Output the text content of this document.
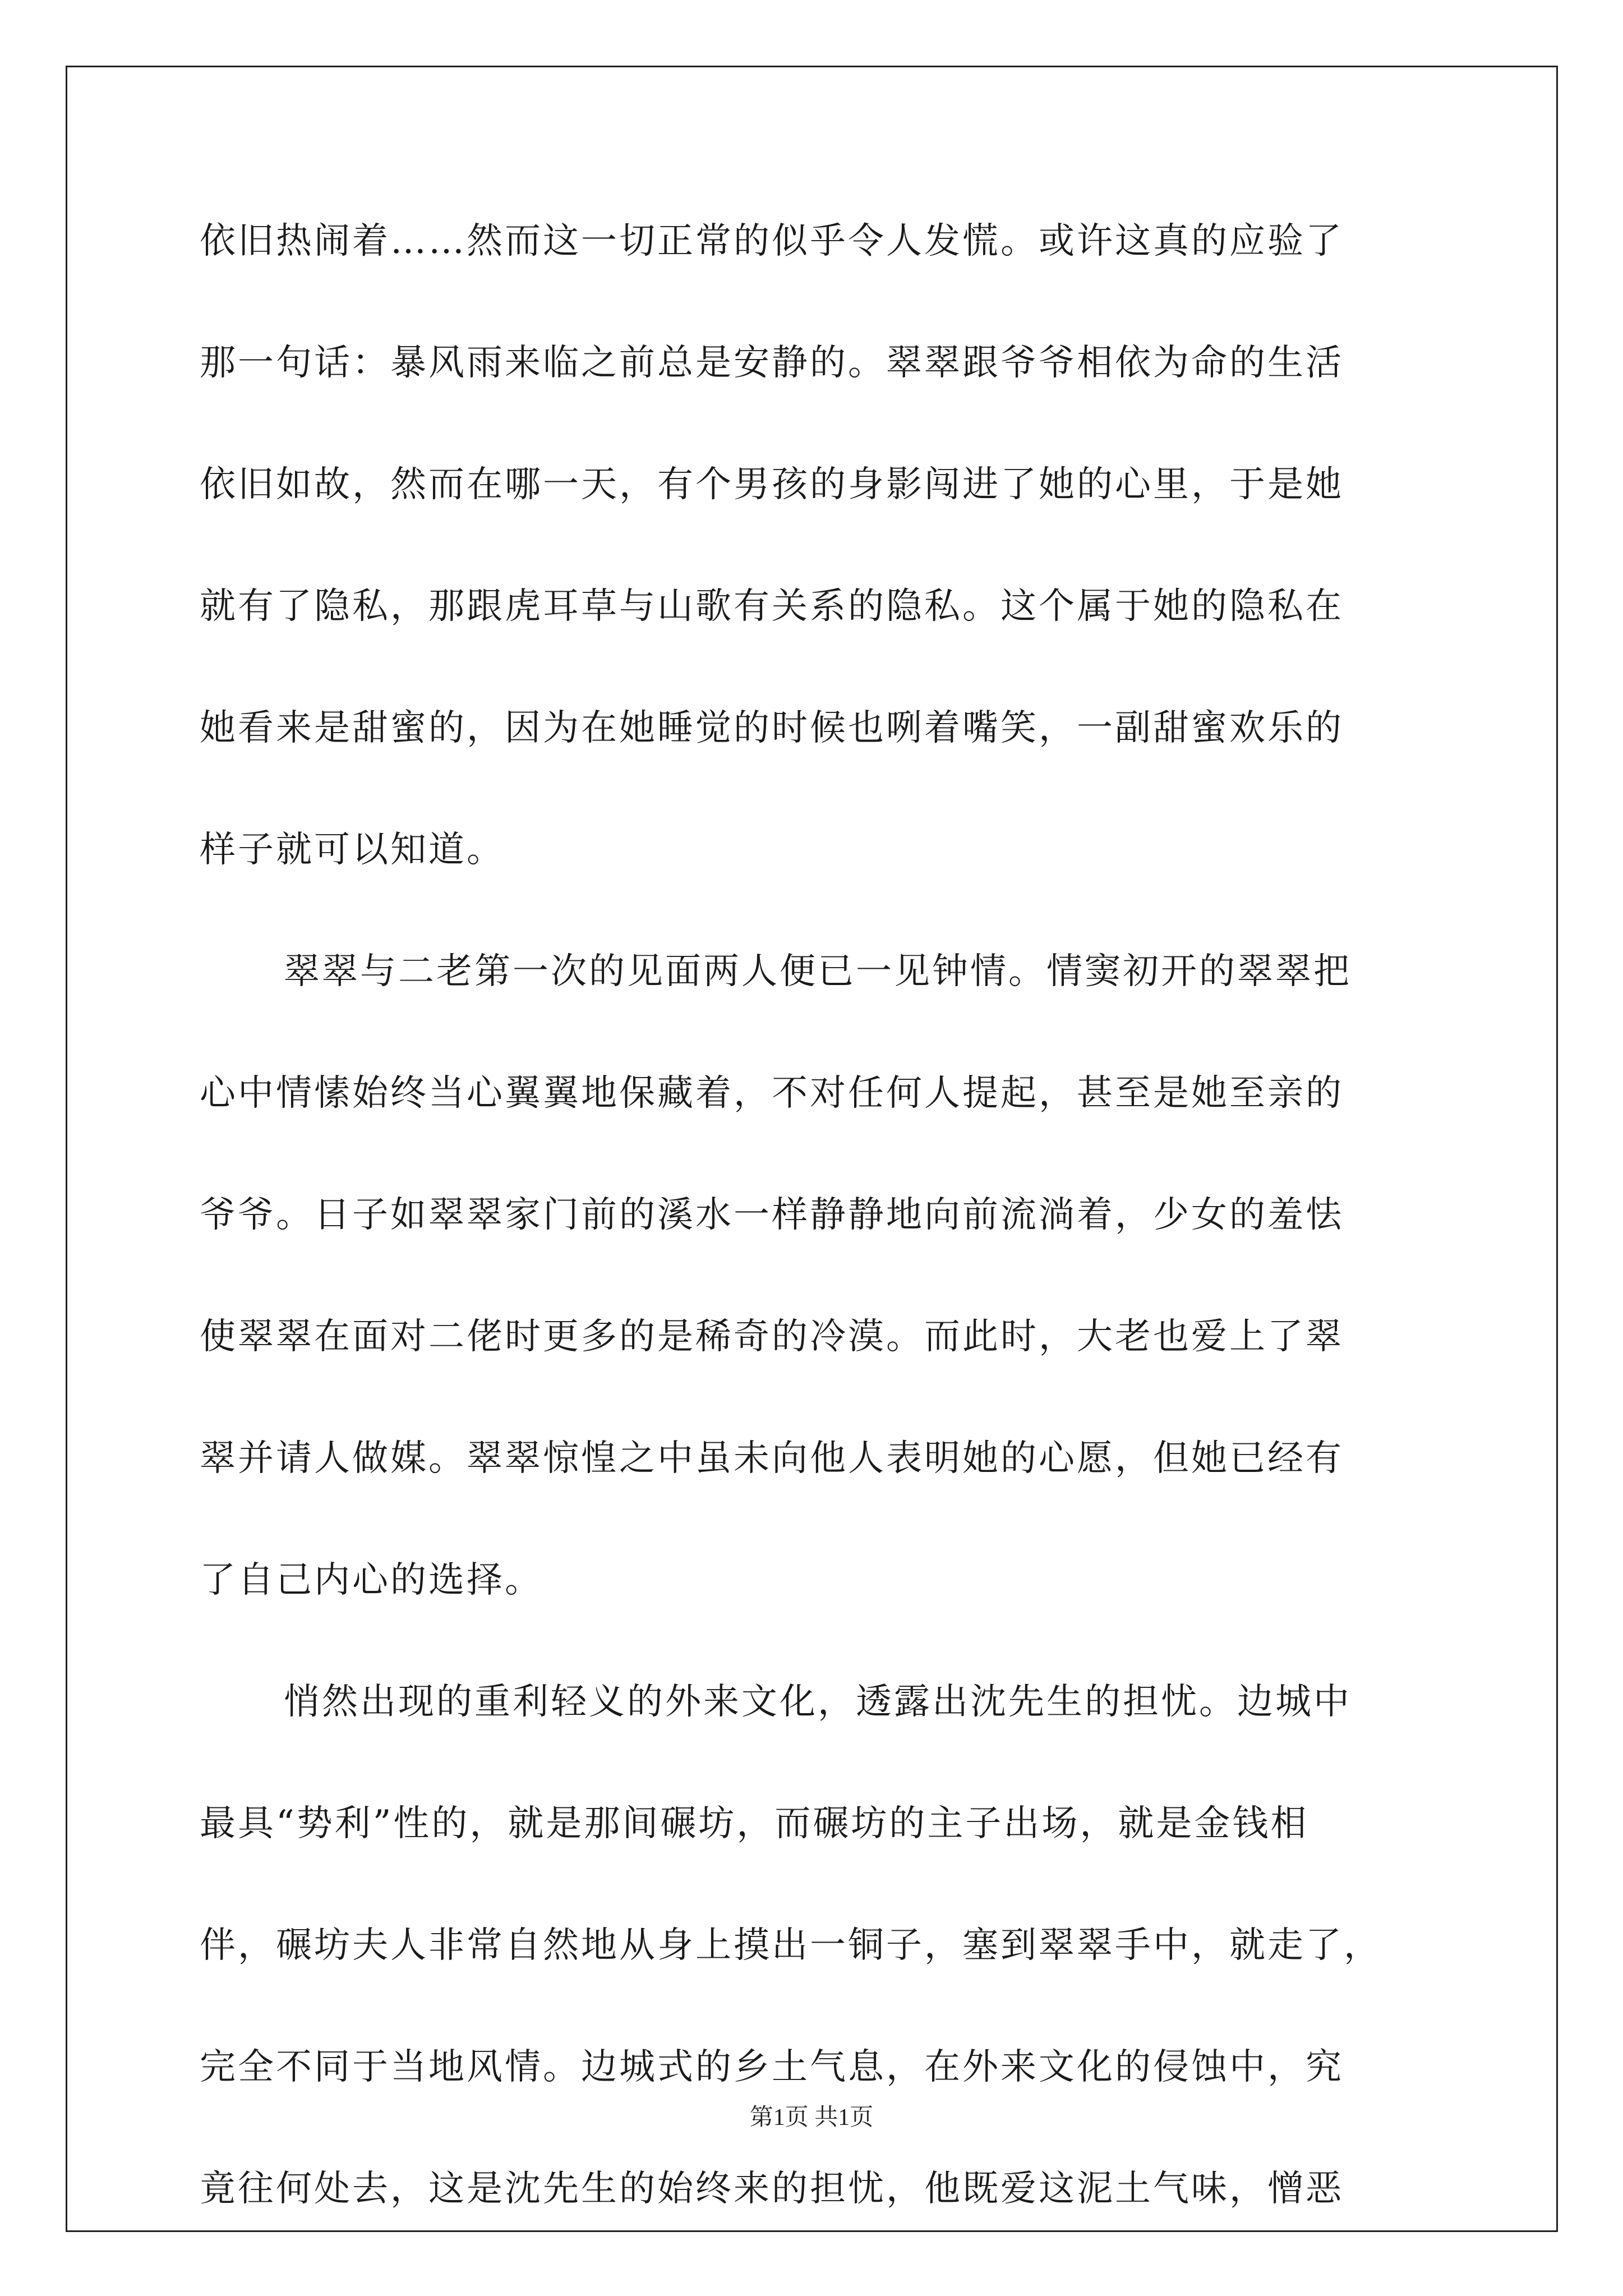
依旧热闹着……然而这一切正常的似乎令人发慌。或许这真的应验了
那一句话：暴风雨来临之前总是安静的。翠翠跟爷爷相依为命的生活
依旧如故，然而在哪一天，有个男孩的身影闯进了她的心里，于是她
就有了隐私，那跟虎耳草与山歌有关系的隐私。这个属于她的隐私在
她看来是甜蜜的，因为在她睡觉的时候也咧着嘴笑，一副甜蜜欢乐的
样子就可以知道。
翠翠与二老第一次的见面两人便已一见钟情。情窦初开的翠翠把
心中情愫始终当心翼翼地保藏着，不对任何人提起，甚至是她至亲的
爷爷。日子如翠翠家门前的溪水一样静静地向前流淌着，少女的羞怯
使翠翠在面对二佬时更多的是稀奇的冷漠。而此时，大老也爱上了翠
翠并请人做媒。翠翠惊惶之中虽未向他人表明她的心愿，但她已经有
了自己内心的选择。
悄然出现的重利轻义的外来文化，透露出沈先生的担忧。边城中
最具“势利”性的，就是那间碾坊，而碾坊的主子出场，就是金钱相
伴，碾坊夫人非常自然地从身上摸出一铜子，塞到翠翠手中，就走了，
完全不同于当地风情。边城式的乡土气息，在外来文化的侵蚀中，究
竟往何处去，这是沈先生的始终来的担忧，他既爱这泥土气味，憎恶
第1页 共1页
